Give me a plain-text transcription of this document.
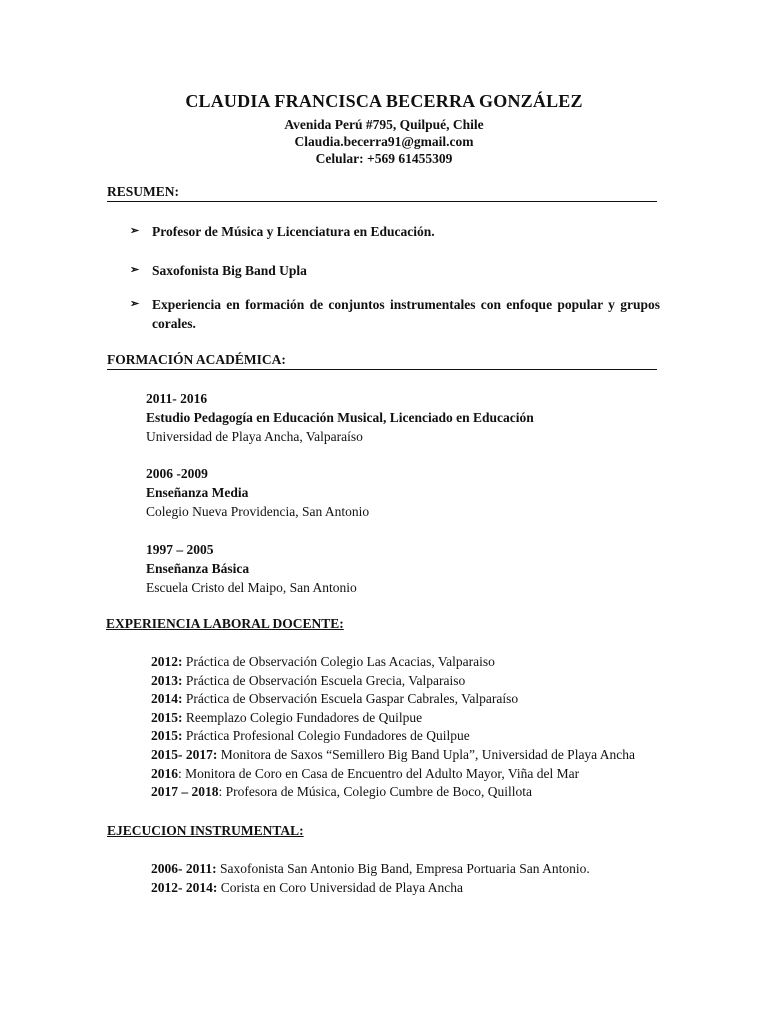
CLAUDIA FRANCISCA BECERRA GONZÁLEZ
Avenida Perú #795, Quilpué, Chile
Claudia.becerra91@gmail.com
Celular: +569 61455309
RESUMEN:
➢ Profesor de Música y Licenciatura en Educación.
➢ Saxofonista Big Band Upla
➢ Experiencia en formación de conjuntos instrumentales con enfoque popular y grupos corales.
FORMACIÓN ACADÉMICA:
2011- 2016
Estudio Pedagogía en Educación Musical, Licenciado en Educación
Universidad de Playa Ancha, Valparaíso
2006 -2009
Enseñanza Media
Colegio Nueva Providencia, San Antonio
1997 – 2005
Enseñanza Básica
Escuela Cristo del Maipo, San Antonio
EXPERIENCIA LABORAL DOCENTE:
2012: Práctica de Observación Colegio Las Acacias, Valparaiso
2013: Práctica de Observación Escuela Grecia, Valparaiso
2014: Práctica de Observación Escuela Gaspar Cabrales, Valparaíso
2015: Reemplazo Colegio Fundadores de Quilpue
2015: Práctica Profesional Colegio Fundadores de Quilpue
2015- 2017: Monitora de Saxos “Semillero Big Band Upla”, Universidad de Playa Ancha
2016: Monitora de Coro en Casa de Encuentro del Adulto Mayor, Viña del Mar
2017 – 2018: Profesora de Música, Colegio Cumbre de Boco, Quillota
EJECUCION INSTRUMENTAL:
2006- 2011: Saxofonista San Antonio Big Band, Empresa Portuaria San Antonio.
2012- 2014: Corista en Coro Universidad de Playa Ancha
